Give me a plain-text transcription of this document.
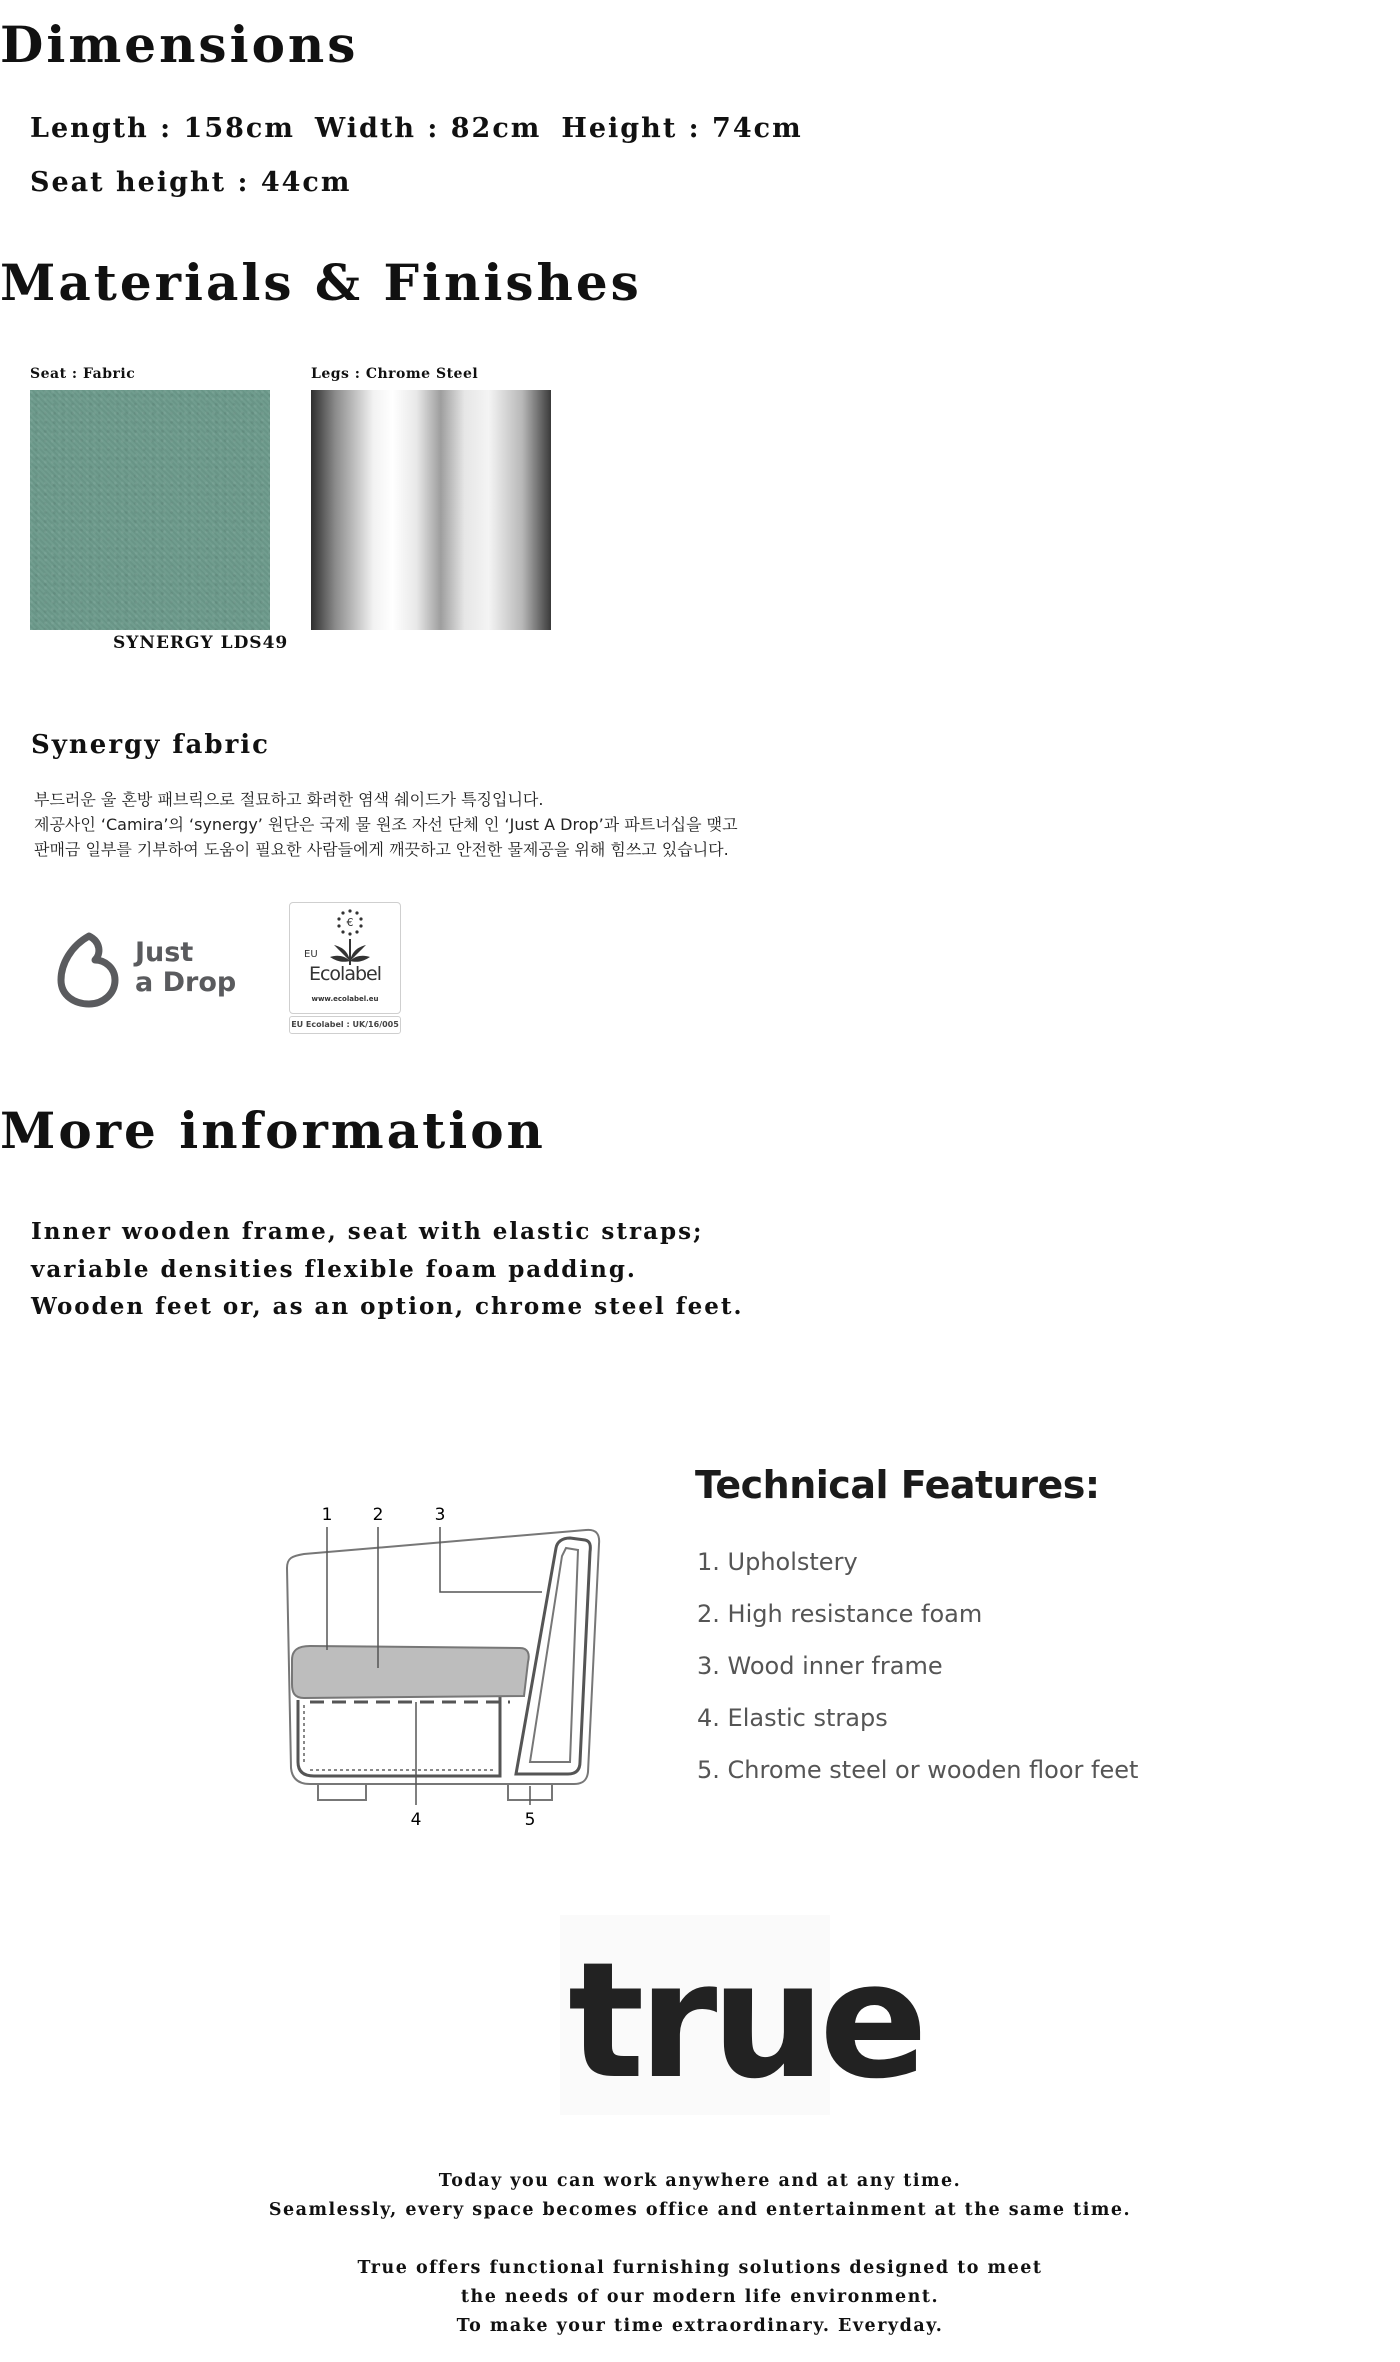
Dimensions
Length : 158cm Width : 82cm Height : 74cm
Seat height : 44cm
Materials & Finishes
Seat : Fabric
SYNERGY LDS49
Legs : Chrome Steel
Synergy fabric
부드러운 울 혼방 패브릭으로 절묘하고 화려한 염색 쉐이드가 특징입니다.
제공사인 ‘Camira’의 ‘synergy’ 원단은 국제 물 원조 자선 단체 인 ‘Just A Drop’과 파트너십을 맺고
판매금 일부를 기부하여 도움이 필요한 사람들에게 깨끗하고 안전한 물제공을 위해 힘쓰고 있습니다.
Just
a Drop
€
EU
Ecolabel
www.ecolabel.eu
EU Ecolabel : UK/16/005
More information
Inner wooden frame, seat with elastic straps;
variable densities flexible foam padding.
Wooden feet or, as an option, chrome steel feet.
1 2	3
4	5
Technical Features:
1. Upholstery
2. High resistance foam
3. Wood inner frame
4. Elastic straps
5. Chrome steel or wooden floor feet
true
Today you can work anywhere and at any time.
Seamlessly, every space becomes office and entertainment at the same time.
True offers functional furnishing solutions designed to meet
the needs of our modern life environment.
To make your time extraordinary. Everyday.
